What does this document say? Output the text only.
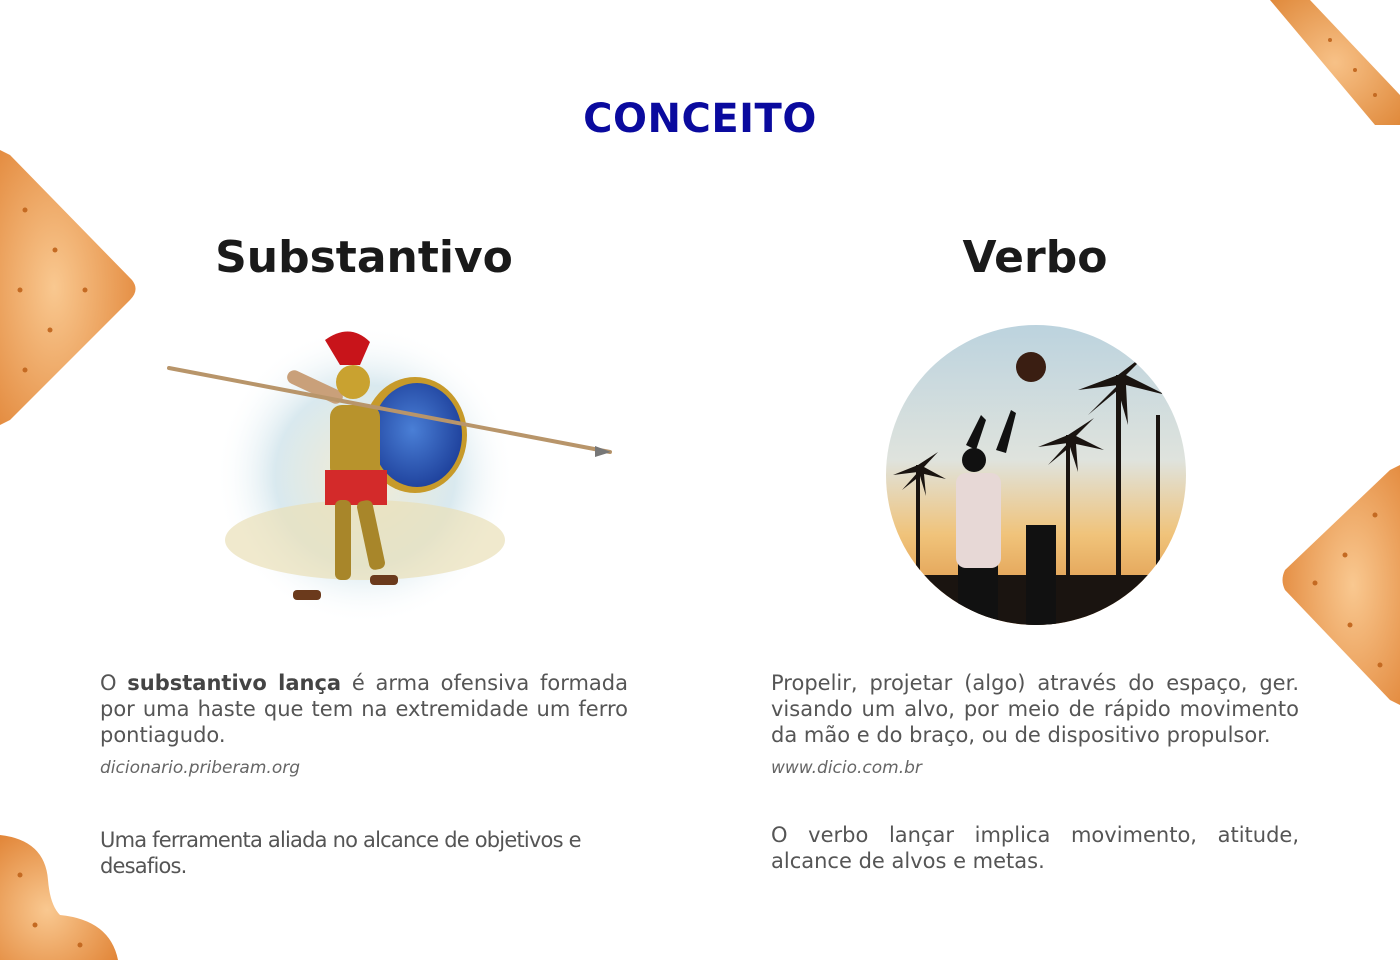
CONCEITO
Substantivo
O substantivo lança é arma ofensiva formada por uma haste que tem na extremidade um ferro pontiagudo.
dicionario.priberam.org
Uma ferramenta aliada no alcance de objetivos e desafios.
Verbo
Propelir, projetar (algo) através do espaço, ger. visando um alvo, por meio de rápido movimento da mão e do braço, ou de dispositivo propulsor.
www.dicio.com.br
O verbo lançar implica movimento, atitude, alcance de alvos e metas.
